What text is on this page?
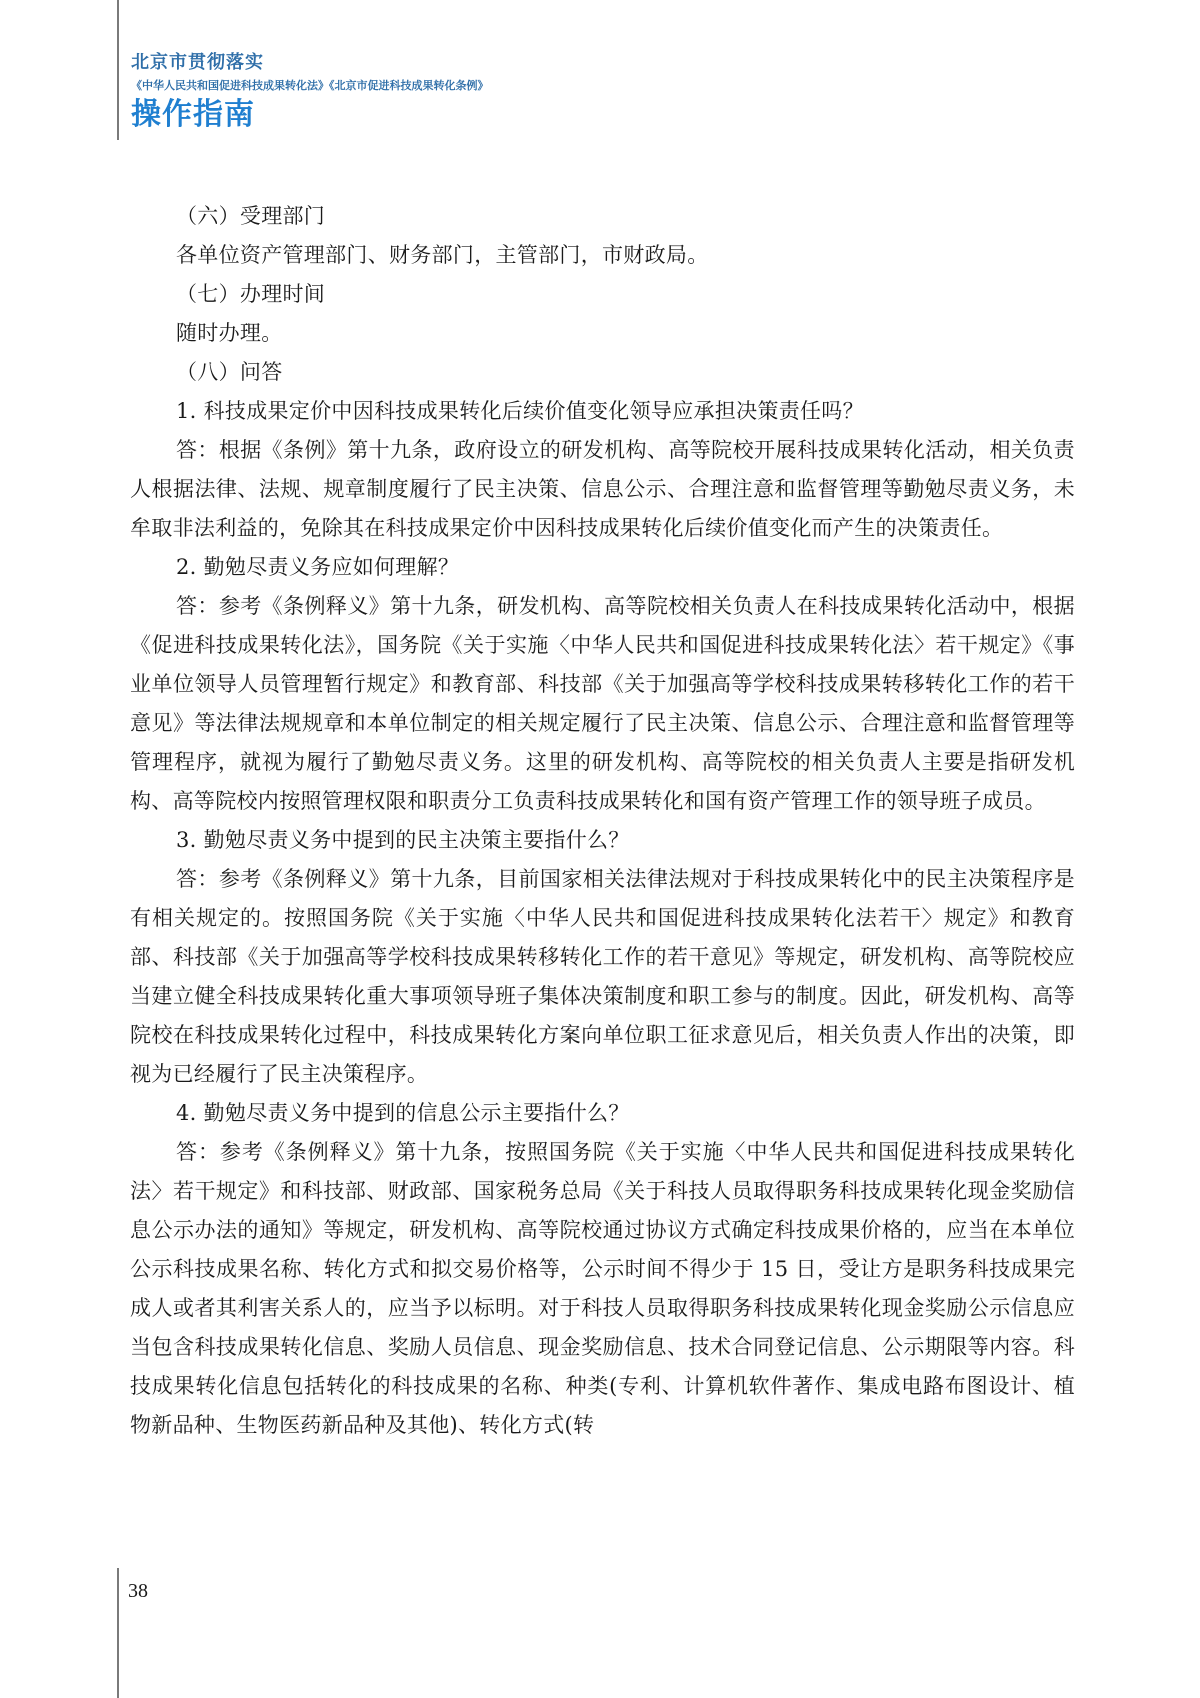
北京市贯彻落实
《中华人民共和国促进科技成果转化法》《北京市促进科技成果转化条例》
操作指南

（六）受理部门

各单位资产管理部门、财务部门，主管部门，市财政局。

（七）办理时间

随时办理。

（八）问答

1. 科技成果定价中因科技成果转化后续价值变化领导应承担决策责任吗？

答：根据《条例》第十九条，政府设立的研发机构、高等院校开展科技成果转化活动，相关负责人根据法律、法规、规章制度履行了民主决策、信息公示、合理注意和监督管理等勤勉尽责义务，未牟取非法利益的，免除其在科技成果定价中因科技成果转化后续价值变化而产生的决策责任。

2. 勤勉尽责义务应如何理解？

答：参考《条例释义》第十九条，研发机构、高等院校相关负责人在科技成果转化活动中，根据《促进科技成果转化法》，国务院《关于实施〈中华人民共和国促进科技成果转化法〉若干规定》《事业单位领导人员管理暂行规定》和教育部、科技部《关于加强高等学校科技成果转移转化工作的若干意见》等法律法规规章和本单位制定的相关规定履行了民主决策、信息公示、合理注意和监督管理等管理程序，就视为履行了勤勉尽责义务。这里的研发机构、高等院校的相关负责人主要是指研发机构、高等院校内按照管理权限和职责分工负责科技成果转化和国有资产管理工作的领导班子成员。

3. 勤勉尽责义务中提到的民主决策主要指什么？

答：参考《条例释义》第十九条，目前国家相关法律法规对于科技成果转化中的民主决策程序是有相关规定的。按照国务院《关于实施〈中华人民共和国促进科技成果转化法若干〉规定》和教育部、科技部《关于加强高等学校科技成果转移转化工作的若干意见》等规定，研发机构、高等院校应当建立健全科技成果转化重大事项领导班子集体决策制度和职工参与的制度。因此，研发机构、高等院校在科技成果转化过程中，科技成果转化方案向单位职工征求意见后，相关负责人作出的决策，即视为已经履行了民主决策程序。

4. 勤勉尽责义务中提到的信息公示主要指什么？

答：参考《条例释义》第十九条，按照国务院《关于实施〈中华人民共和国促进科技成果转化法〉若干规定》和科技部、财政部、国家税务总局《关于科技人员取得职务科技成果转化现金奖励信息公示办法的通知》等规定，研发机构、高等院校通过协议方式确定科技成果价格的，应当在本单位公示科技成果名称、转化方式和拟交易价格等，公示时间不得少于 15 日，受让方是职务科技成果完成人或者其利害关系人的，应当予以标明。对于科技人员取得职务科技成果转化现金奖励公示信息应当包含科技成果转化信息、奖励人员信息、现金奖励信息、技术合同登记信息、公示期限等内容。科技成果转化信息包括转化的科技成果的名称、种类(专利、计算机软件著作、集成电路布图设计、植物新品种、生物医药新品种及其他)、转化方式(转

38
